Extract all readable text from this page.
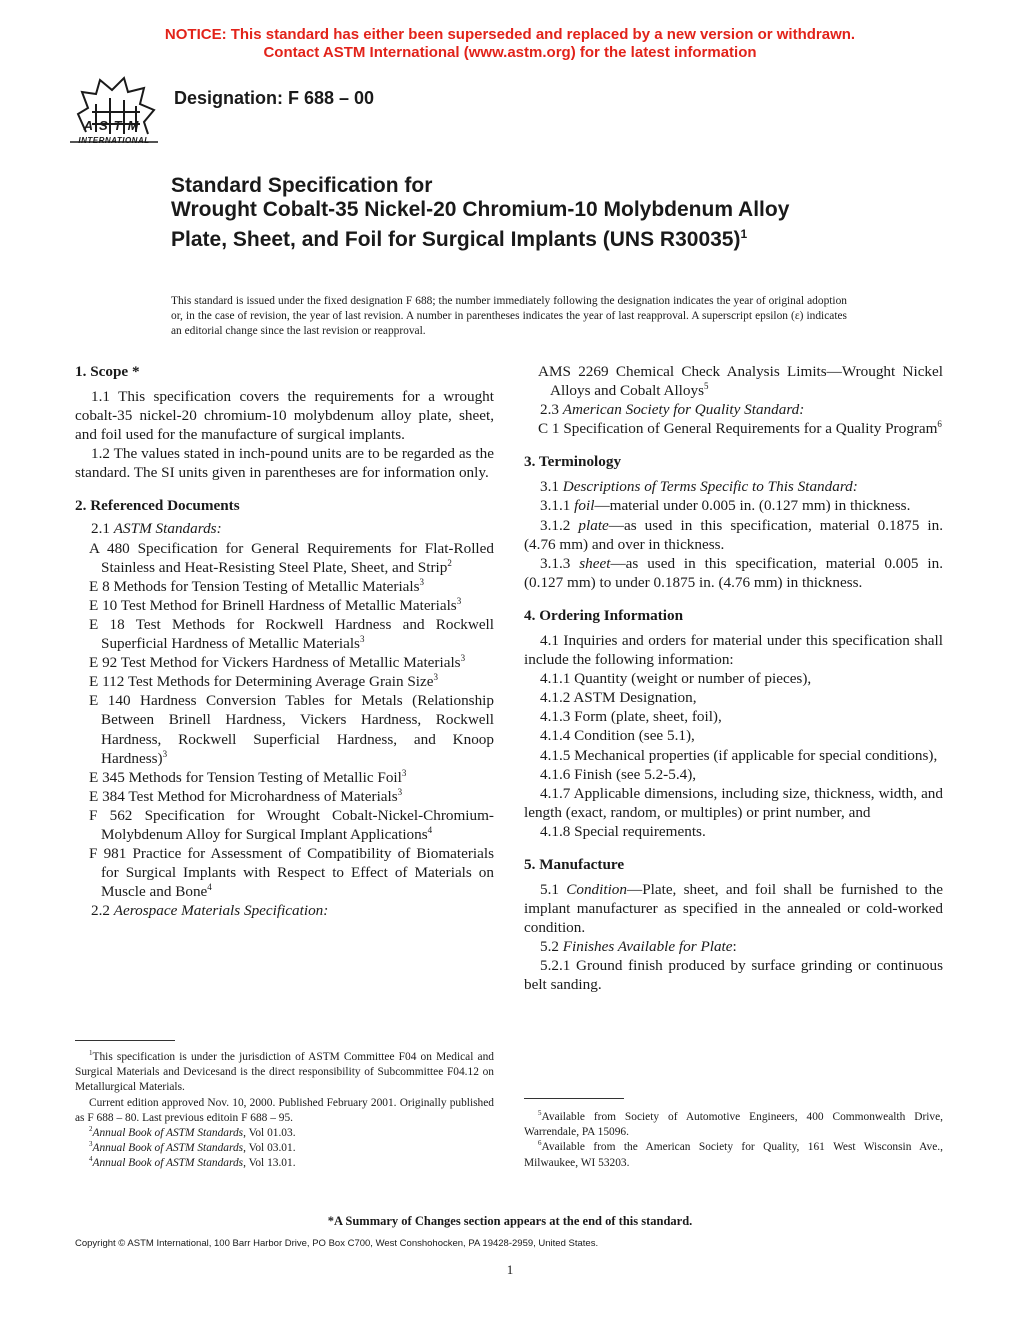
NOTICE: This standard has either been superseded and replaced by a new version or withdrawn.
Contact ASTM International (www.astm.org) for the latest information
ASTM
INTERNATIONAL
Designation: F 688 – 00
Standard Specification for
Wrought Cobalt-35 Nickel-20 Chromium-10 Molybdenum Alloy Plate, Sheet, and Foil for Surgical Implants (UNS R30035)$^1$
This standard is issued under the fixed designation F 688; the number immediately following the designation indicates the year of original adoption or, in the case of revision, the year of last revision. A number in parentheses indicates the year of last reapproval. A superscript epsilon (ε) indicates an editorial change since the last revision or reapproval.
1. Scope *

1.1 This specification covers the requirements for a wrought cobalt-35 nickel-20 chromium-10 molybdenum alloy plate, sheet, and foil used for the manufacture of surgical implants.

1.2 The values stated in inch-pound units are to be regarded as the standard. The SI units given in parentheses are for information only.

2. Referenced Documents

2.1 ASTM Standards:

A 480 Specification for General Requirements for Flat-Rolled Stainless and Heat-Resisting Steel Plate, Sheet, and Strip$^2$

E 8 Methods for Tension Testing of Metallic Materials$^3$

E 10 Test Method for Brinell Hardness of Metallic Materials$^3$

E 18 Test Methods for Rockwell Hardness and Rockwell Superficial Hardness of Metallic Materials$^3$

E 92 Test Method for Vickers Hardness of Metallic Materials$^3$

E 112 Test Methods for Determining Average Grain Size$^3$

E 140 Hardness Conversion Tables for Metals (Relationship Between Brinell Hardness, Vickers Hardness, Rockwell Hardness, Rockwell Superficial Hardness, and Knoop Hardness)$^3$

E 345 Methods for Tension Testing of Metallic Foil$^3$

E 384 Test Method for Microhardness of Materials$^3$

F 562 Specification for Wrought Cobalt-Nickel-Chromium-Molybdenum Alloy for Surgical Implant Applications$^4$

F 981 Practice for Assessment of Compatibility of Biomaterials for Surgical Implants with Respect to Effect of Materials on Muscle and Bone$^4$

2.2 Aerospace Materials Specification:

AMS 2269 Chemical Check Analysis Limits—Wrought Nickel Alloys and Cobalt Alloys$^5$

2.3 American Society for Quality Standard:

C 1 Specification of General Requirements for a Quality Program$^6$

3. Terminology

3.1 Descriptions of Terms Specific to This Standard:

3.1.1 foil—material under 0.005 in. (0.127 mm) in thickness.

3.1.2 plate—as used in this specification, material 0.1875 in. (4.76 mm) and over in thickness.

3.1.3 sheet—as used in this specification, material 0.005 in. (0.127 mm) to under 0.1875 in. (4.76 mm) in thickness.

4. Ordering Information

4.1 Inquiries and orders for material under this specification shall include the following information:

4.1.1 Quantity (weight or number of pieces),

4.1.2 ASTM Designation,

4.1.3 Form (plate, sheet, foil),

4.1.4 Condition (see 5.1),

4.1.5 Mechanical properties (if applicable for special conditions),

4.1.6 Finish (see 5.2-5.4),

4.1.7 Applicable dimensions, including size, thickness, width, and length (exact, random, or multiples) or print number, and

4.1.8 Special requirements.

5. Manufacture

5.1 Condition—Plate, sheet, and foil shall be furnished to the implant manufacturer as specified in the annealed or cold-worked condition.

5.2 Finishes Available for Plate:

5.2.1 Ground finish produced by surface grinding or continuous belt sanding.

$^1$This specification is under the jurisdiction of ASTM Committee F04 on Medical and Surgical Materials and Devicesand is the direct responsibility of Subcommittee F04.12 on Metallurgical Materials.

Current edition approved Nov. 10, 2000. Published February 2001. Originally published as F 688 – 80. Last previous editoin F 688 – 95.

$^2$Annual Book of ASTM Standards, Vol 01.03.

$^3$Annual Book of ASTM Standards, Vol 03.01.

$^4$Annual Book of ASTM Standards, Vol 13.01.

$^5$Available from Society of Automotive Engineers, 400 Commonwealth Drive, Warrendale, PA 15096.

$^6$Available from the American Society for Quality, 161 West Wisconsin Ave., Milwaukee, WI 53203.

*A Summary of Changes section appears at the end of this standard.
Copyright © ASTM International, 100 Barr Harbor Drive, PO Box C700, West Conshohocken, PA 19428-2959, United States.
1
